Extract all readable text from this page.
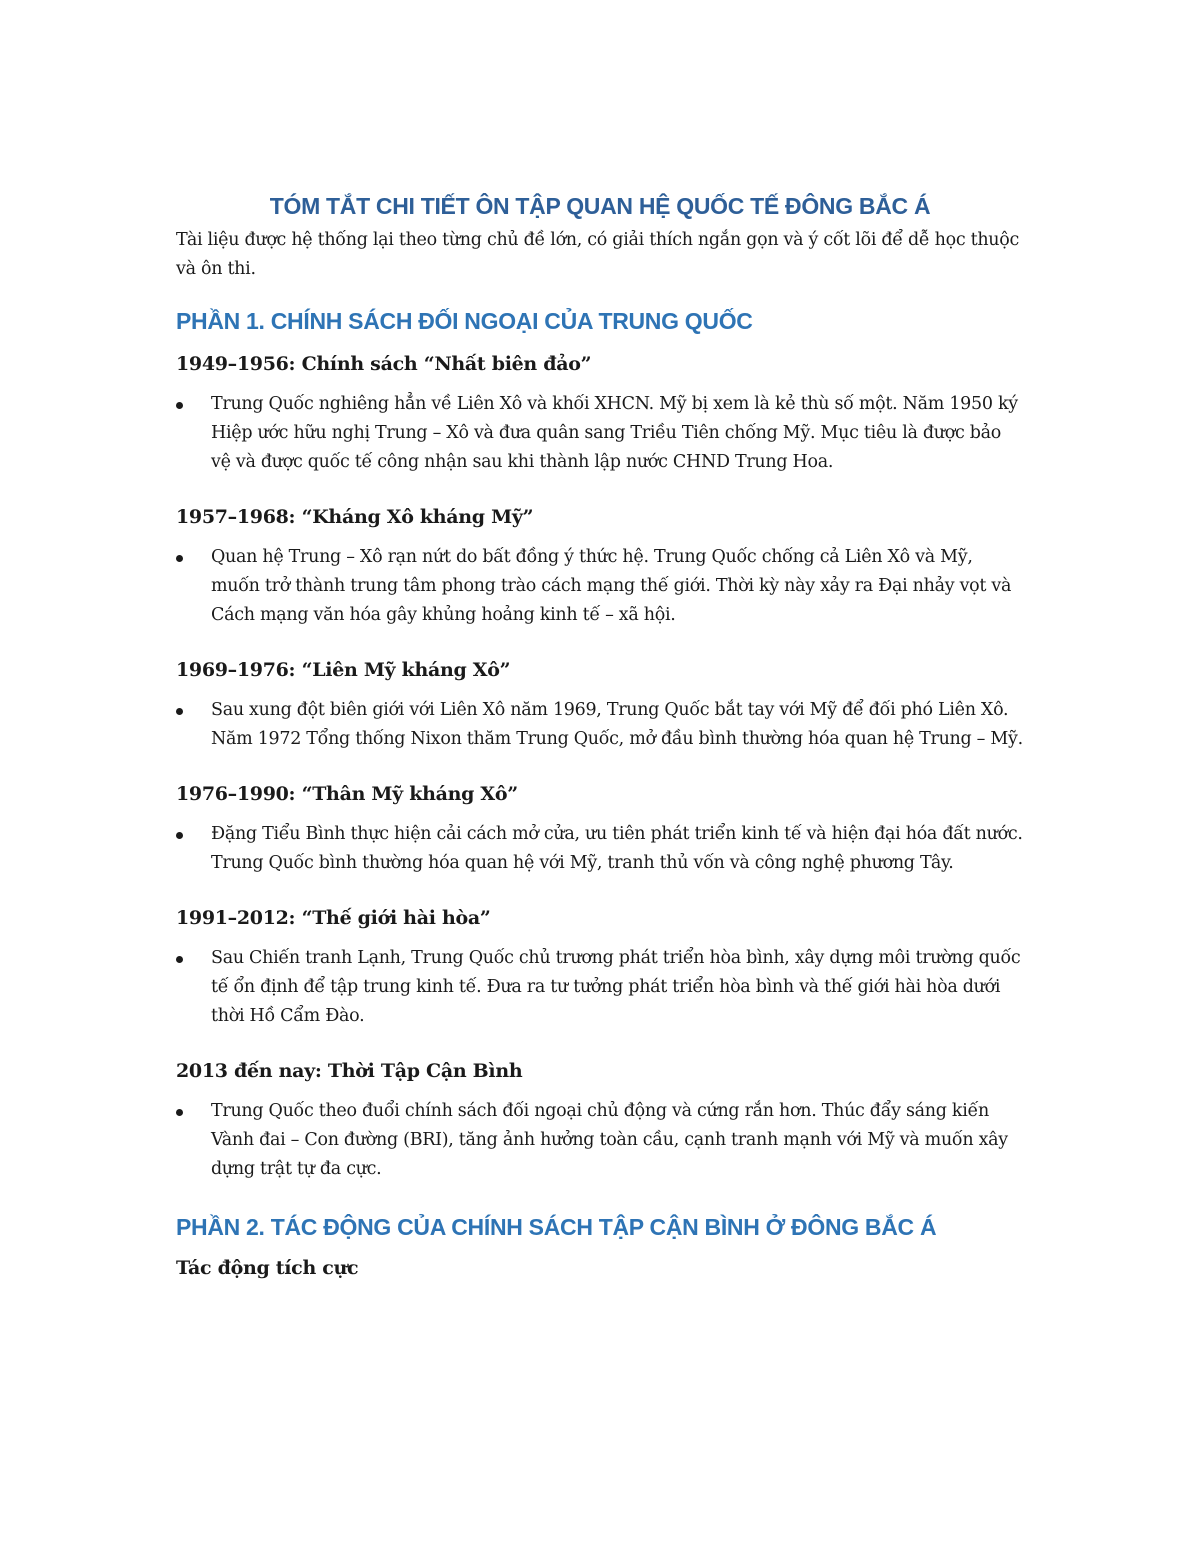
TÓM TẮT CHI TIẾT ÔN TẬP QUAN HỆ QUỐC TẾ ĐÔNG BẮC Á

Tài liệu được hệ thống lại theo từng chủ đề lớn, có giải thích ngắn gọn và ý cốt lõi để dễ học thuộc và ôn thi.

PHẦN 1. CHÍNH SÁCH ĐỐI NGOẠI CỦA TRUNG QUỐC
1949–1956: Chính sách “Nhất biên đảo”
Trung Quốc nghiêng hẳn về Liên Xô và khối XHCN. Mỹ bị xem là kẻ thù số một. Năm 1950 ký Hiệp ước hữu nghị Trung – Xô và đưa quân sang Triều Tiên chống Mỹ. Mục tiêu là được bảo vệ và được quốc tế công nhận sau khi thành lập nước CHND Trung Hoa.
1957–1968: “Kháng Xô kháng Mỹ”
Quan hệ Trung – Xô rạn nứt do bất đồng ý thức hệ. Trung Quốc chống cả Liên Xô và Mỹ, muốn trở thành trung tâm phong trào cách mạng thế giới. Thời kỳ này xảy ra Đại nhảy vọt và Cách mạng văn hóa gây khủng hoảng kinh tế – xã hội.
1969–1976: “Liên Mỹ kháng Xô”
Sau xung đột biên giới với Liên Xô năm 1969, Trung Quốc bắt tay với Mỹ để đối phó Liên Xô. Năm 1972 Tổng thống Nixon thăm Trung Quốc, mở đầu bình thường hóa quan hệ Trung – Mỹ.
1976–1990: “Thân Mỹ kháng Xô”
Đặng Tiểu Bình thực hiện cải cách mở cửa, ưu tiên phát triển kinh tế và hiện đại hóa đất nước. Trung Quốc bình thường hóa quan hệ với Mỹ, tranh thủ vốn và công nghệ phương Tây.
1991–2012: “Thế giới hài hòa”
Sau Chiến tranh Lạnh, Trung Quốc chủ trương phát triển hòa bình, xây dựng môi trường quốc tế ổn định để tập trung kinh tế. Đưa ra tư tưởng phát triển hòa bình và thế giới hài hòa dưới thời Hồ Cẩm Đào.
2013 đến nay: Thời Tập Cận Bình
Trung Quốc theo đuổi chính sách đối ngoại chủ động và cứng rắn hơn. Thúc đẩy sáng kiến Vành đai – Con đường (BRI), tăng ảnh hưởng toàn cầu, cạnh tranh mạnh với Mỹ và muốn xây dựng trật tự đa cực.
PHẦN 2. TÁC ĐỘNG CỦA CHÍNH SÁCH TẬP CẬN BÌNH Ở ĐÔNG BẮC Á
Tác động tích cực
